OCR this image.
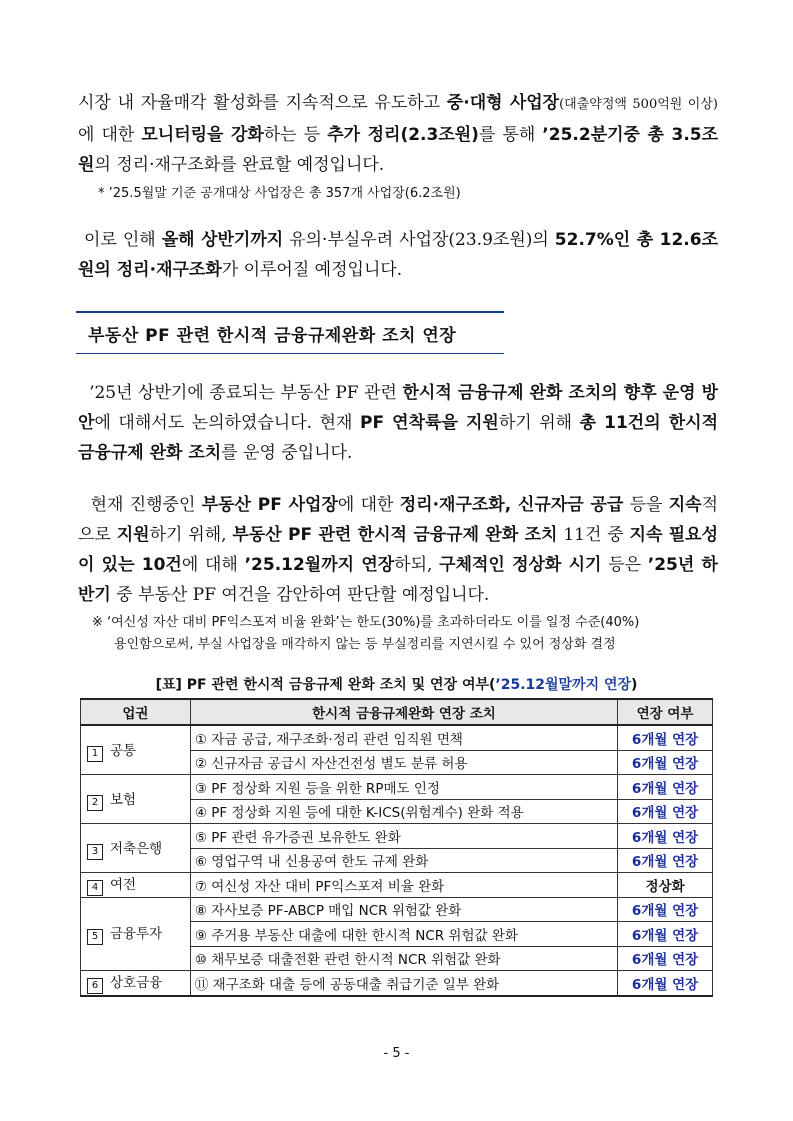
시장 내 자율매각 활성화를 지속적으로 유도하고 중·대형 사업장(대출약정액 500억원 이상)에 대한 모니터링을 강화하는 등 추가 정리(2.3조원)를 통해 ’25.2분기중 총 3.5조원의 정리·재구조화를 완료할 예정입니다.
* ’25.5월말 기준 공개대상 사업장은 총 357개 사업장(6.2조원)
이로 인해 올해 상반기까지 유의·부실우려 사업장(23.9조원)의 52.7%인 총 12.6조원의 정리·재구조화가 이루어질 예정입니다.
부동산 PF 관련 한시적 금융규제완화 조치 연장
’25년 상반기에 종료되는 부동산 PF 관련 한시적 금융규제 완화 조치의 향후 운영 방안에 대해서도 논의하였습니다. 현재 PF 연착륙을 지원하기 위해 총 11건의 한시적 금융규제 완화 조치를 운영 중입니다.
현재 진행중인 부동산 PF 사업장에 대한 정리·재구조화, 신규자금 공급 등을 지속적으로 지원하기 위해, 부동산 PF 관련 한시적 금융규제 완화 조치 11건 중 지속 필요성이 있는 10건에 대해 ’25.12월까지 연장하되, 구체적인 정상화 시기 등은 ’25년 하반기 중 부동산 PF 여건을 감안하여 판단할 예정입니다.
※ ‘여신성 자산 대비 PF익스포져 비율 완화’는 한도(30%)를 초과하더라도 이를 일정 수준(40%)
용인함으로써, 부실 사업장을 매각하지 않는 등 부실정리를 지연시킬 수 있어 정상화 결정
[표] PF 관련 한시적 금융규제 완화 조치 및 연장 여부(’25.12월말까지 연장)
업권	한시적 금융규제완화 연장 조치	연장 여부
1 공통	① 자금 공급, 재구조화·정리 관련 임직원 면책	6개월 연장
	② 신규자금 공급시 자산건전성 별도 분류 허용	6개월 연장
2 보험	③ PF 정상화 지원 등을 위한 RP매도 인정	6개월 연장
	④ PF 정상화 지원 등에 대한 K-ICS(위험계수) 완화 적용	6개월 연장
3 저축은행	⑤ PF 관련 유가증권 보유한도 완화	6개월 연장
	⑥ 영업구역 내 신용공여 한도 규제 완화	6개월 연장
4 여전	⑦ 여신성 자산 대비 PF익스포져 비율 완화	정상화
5 금융투자	⑧ 자사보증 PF-ABCP 매입 NCR 위험값 완화	6개월 연장
	⑨ 주거용 부동산 대출에 대한 한시적 NCR 위험값 완화	6개월 연장
	⑩ 채무보증 대출전환 관련 한시적 NCR 위험값 완화	6개월 연장
6 상호금융	⑪ 재구조화 대출 등에 공동대출 취급기준 일부 완화	6개월 연장
- 5 -
